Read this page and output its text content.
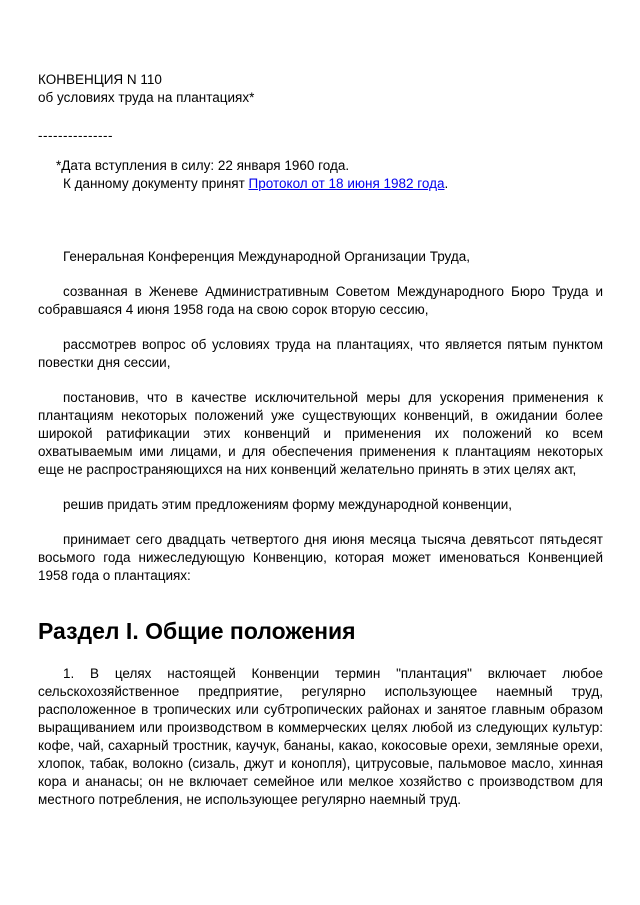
КОНВЕНЦИЯ N 110
об условиях труда на плантациях*
---------------
*Дата вступления в силу: 22 января 1960 года.
К данному документу принят Протокол от 18 июня 1982 года.

Генеральная Конференция Международной Организации Труда,

созванная в Женеве Административным Советом Международного Бюро Труда и собравшаяся 4 июня 1958 года на свою сорок вторую сессию,

рассмотрев вопрос об условиях труда на плантациях, что является пятым пунктом повестки дня сессии,

постановив, что в качестве исключительной меры для ускорения применения к плантациям некоторых положений уже существующих конвенций, в ожидании более широкой ратификации этих конвенций и применения их положений ко всем охватываемым ими лицами, и для обеспечения применения к плантациям некоторых еще не распространяющихся на них конвенций желательно принять в этих целях акт,

решив придать этим предложениям форму международной конвенции,

принимает сего двадцать четвертого дня июня месяца тысяча девятьсот пятьдесят восьмого года нижеследующую Конвенцию, которая может именоваться Конвенцией 1958 года о плантациях:

Раздел I. Общие положения

1. В целях настоящей Конвенции термин "плантация" включает любое сельскохозяйственное предприятие, регулярно использующее наемный труд, расположенное в тропических или субтропических районах и занятое главным образом выращиванием или производством в коммерческих целях любой из следующих культур: кофе, чай, сахарный тростник, каучук, бананы, какао, кокосовые орехи, земляные орехи, хлопок, табак, волокно (сизаль, джут и конопля), цитрусовые, пальмовое масло, хинная кора и ананасы; он не включает семейное или мелкое хозяйство с производством для местного потребления, не использующее регулярно наемный труд.
